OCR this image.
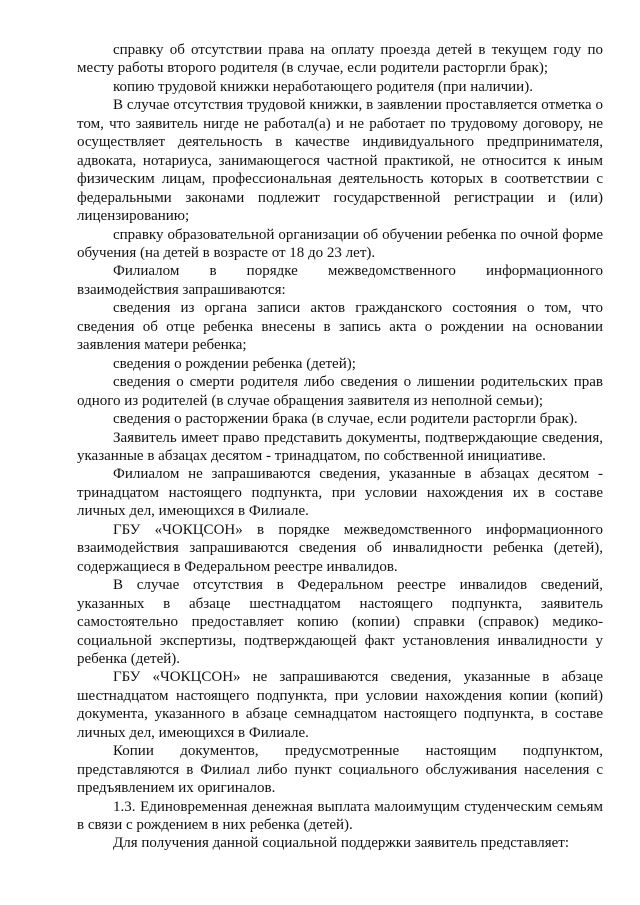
справку об отсутствии права на оплату проезда детей в текущем году по месту работы второго родителя (в случае, если родители расторгли брак);

копию трудовой книжки неработающего родителя (при наличии).

В случае отсутствия трудовой книжки, в заявлении проставляется отметка о том, что заявитель нигде не работал(а) и не работает по трудовому договору, не осуществляет деятельность в качестве индивидуального предпринимателя, адвоката, нотариуса, занимающегося частной практикой, не относится к иным физическим лицам, профессиональная деятельность которых в соответствии с федеральными законами подлежит государственной регистрации и (или) лицензированию;

справку образовательной организации об обучении ребенка по очной форме обучения (на детей в возрасте от 18 до 23 лет).

Филиалом в порядке межведомственного информационного взаимодействия запрашиваются:

сведения из органа записи актов гражданского состояния о том, что сведения об отце ребенка внесены в запись акта о рождении на основании заявления матери ребенка;

сведения о рождении ребенка (детей);

сведения о смерти родителя либо сведения о лишении родительских прав одного из родителей (в случае обращения заявителя из неполной семьи);

сведения о расторжении брака (в случае, если родители расторгли брак).

Заявитель имеет право представить документы, подтверждающие сведения, указанные в абзацах десятом - тринадцатом, по собственной инициативе.

Филиалом не запрашиваются сведения, указанные в абзацах десятом - тринадцатом настоящего подпункта, при условии нахождения их в составе личных дел, имеющихся в Филиале.

ГБУ «ЧОКЦСОН» в порядке межведомственного информационного взаимодействия запрашиваются сведения об инвалидности ребенка (детей), содержащиеся в Федеральном реестре инвалидов.

В случае отсутствия в Федеральном реестре инвалидов сведений, указанных в абзаце шестнадцатом настоящего подпункта, заявитель самостоятельно предоставляет копию (копии) справки (справок) медико-социальной экспертизы, подтверждающей факт установления инвалидности у ребенка (детей).

ГБУ «ЧОКЦСОН» не запрашиваются сведения, указанные в абзаце шестнадцатом настоящего подпункта, при условии нахождения копии (копий) документа, указанного в абзаце семнадцатом настоящего подпункта, в составе личных дел, имеющихся в Филиале.

Копии документов, предусмотренные настоящим подпунктом, представляются в Филиал либо пункт социального обслуживания населения с предъявлением их оригиналов.

1.3. Единовременная денежная выплата малоимущим студенческим семьям в связи с рождением в них ребенка (детей).

Для получения данной социальной поддержки заявитель представляет:
